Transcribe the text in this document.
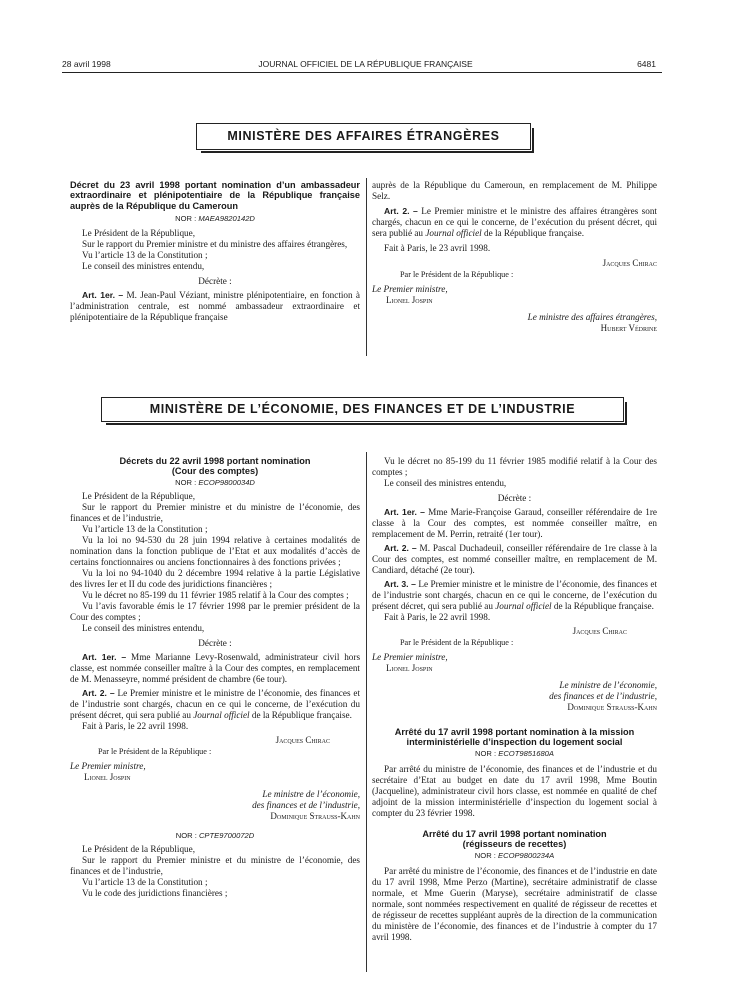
28 avril 1998	JOURNAL OFFICIEL DE LA RÉPUBLIQUE FRANÇAISE	6481
MINISTÈRE DES AFFAIRES ÉTRANGÈRES
Décret du 23 avril 1998 portant nomination d’un ambassadeur extraordinaire et plénipotentiaire de la République française auprès de la République du Cameroun
NOR : MAEA9820142D

Le Président de la République,

Sur le rapport du Premier ministre et du ministre des affaires étrangères,

Vu l’article 13 de la Constitution ;

Le conseil des ministres entendu,

Décrète :

Art. 1er. – M. Jean-Paul Véziant, ministre plénipotentiaire, en fonction à l’administration centrale, est nommé ambassadeur extraordinaire et plénipotentiaire de la République française

auprès de la République du Cameroun, en remplacement de M. Philippe Selz.

Art. 2. – Le Premier ministre et le ministre des affaires étrangères sont chargés, chacun en ce qui le concerne, de l’exécution du présent décret, qui sera publié au Journal officiel de la République française.

Fait à Paris, le 23 avril 1998.

Jacques Chirac
Par le Président de la République :
Le Premier ministre,
Lionel Jospin
Le ministre des affaires étrangères,
Hubert Védrine
MINISTÈRE DE L’ÉCONOMIE, DES FINANCES ET DE L’INDUSTRIE
Décrets du 22 avril 1998 portant nomination
(Cour des comptes)
NOR : ECOP9800034D

Le Président de la République,

Sur le rapport du Premier ministre et du ministre de l’économie, des finances et de l’industrie,

Vu l’article 13 de la Constitution ;

Vu la loi no 94-530 du 28 juin 1994 relative à certaines modalités de nomination dans la fonction publique de l’Etat et aux modalités d’accès de certains fonctionnaires ou anciens fonctionnaires à des fonctions privées ;

Vu la loi no 94-1040 du 2 décembre 1994 relative à la partie Législative des livres Ier et II du code des juridictions financières ;

Vu le décret no 85-199 du 11 février 1985 relatif à la Cour des comptes ;

Vu l’avis favorable émis le 17 février 1998 par le premier président de la Cour des comptes ;

Le conseil des ministres entendu,

Décrète :

Art. 1er. – Mme Marianne Levy-Rosenwald, administrateur civil hors classe, est nommée conseiller maître à la Cour des comptes, en remplacement de M. Menasseyre, nommé président de chambre (6e tour).

Art. 2. – Le Premier ministre et le ministre de l’économie, des finances et de l’industrie sont chargés, chacun en ce qui le concerne, de l’exécution du présent décret, qui sera publié au Journal officiel de la République française.

Fait à Paris, le 22 avril 1998.

Jacques Chirac
Par le Président de la République :
Le Premier ministre,
Lionel Jospin
Le ministre de l’économie,
des finances et de l’industrie,
Dominique Strauss-Kahn
NOR : CPTE9700072D

Le Président de la République,

Sur le rapport du Premier ministre et du ministre de l’économie, des finances et de l’industrie,

Vu l’article 13 de la Constitution ;

Vu le code des juridictions financières ;

Vu le décret no 85-199 du 11 février 1985 modifié relatif à la Cour des comptes ;

Le conseil des ministres entendu,

Décrète :

Art. 1er. – Mme Marie-Françoise Garaud, conseiller référendaire de 1re classe à la Cour des comptes, est nommée conseiller maître, en remplacement de M. Perrin, retraité (1er tour).

Art. 2. – M. Pascal Duchadeuil, conseiller référendaire de 1re classe à la Cour des comptes, est nommé conseiller maître, en remplacement de M. Candiard, détaché (2e tour).

Art. 3. – Le Premier ministre et le ministre de l’économie, des finances et de l’industrie sont chargés, chacun en ce qui le concerne, de l’exécution du présent décret, qui sera publié au Journal officiel de la République française.

Fait à Paris, le 22 avril 1998.

Jacques Chirac
Par le Président de la République :
Le Premier ministre,
Lionel Jospin
Le ministre de l’économie,
des finances et de l’industrie,
Dominique Strauss-Kahn
Arrêté du 17 avril 1998 portant nomination à la mission interministérielle d’inspection du logement social
NOR : ECOT9851680A

Par arrêté du ministre de l’économie, des finances et de l’industrie et du secrétaire d’Etat au budget en date du 17 avril 1998, Mme Boutin (Jacqueline), administrateur civil hors classe, est nommée en qualité de chef adjoint de la mission interministérielle d’inspection du logement social à compter du 23 février 1998.

Arrêté du 17 avril 1998 portant nomination
(régisseurs de recettes)
NOR : ECOP9800234A

Par arrêté du ministre de l’économie, des finances et de l’industrie en date du 17 avril 1998, Mme Perzo (Martine), secrétaire administratif de classe normale, et Mme Guerin (Maryse), secrétaire administratif de classe normale, sont nommées respectivement en qualité de régisseur de recettes et de régisseur de recettes suppléant auprès de la direction de la communication du ministère de l’économie, des finances et de l’industrie à compter du 17 avril 1998.
